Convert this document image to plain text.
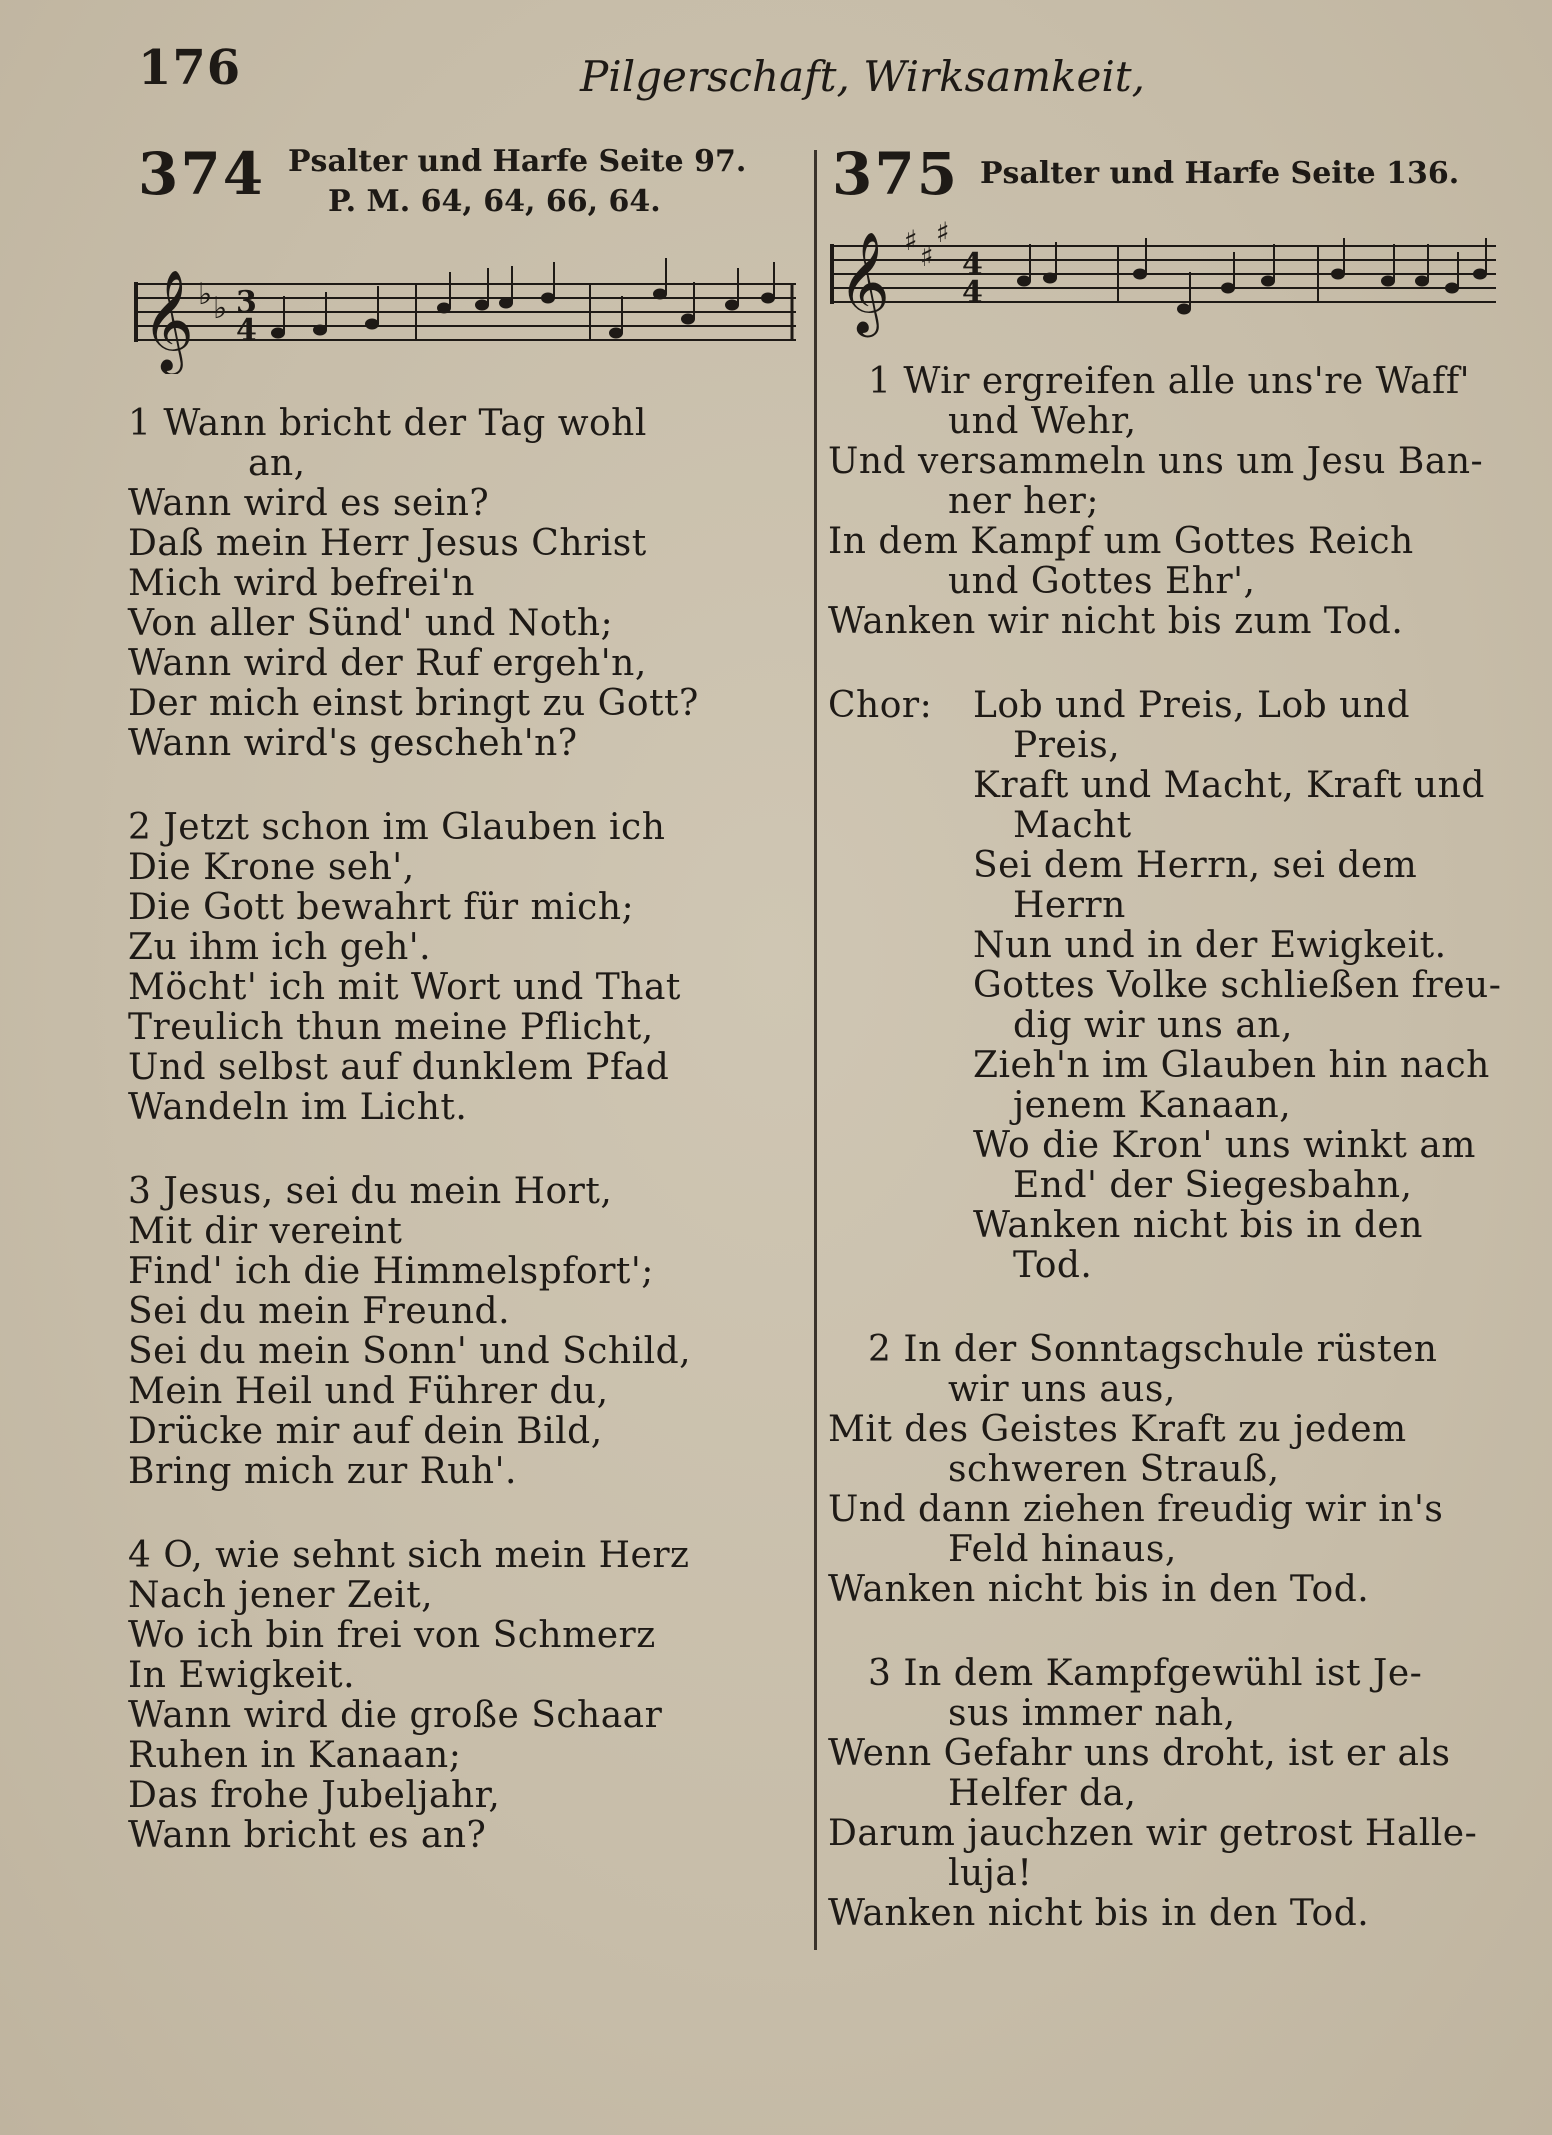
176	Pilgerschaft, Wirksamkeit,
374 Psalter und Harfe Seite 97.
P. M. 64, 64, 66, 64.
𝄞 ♭ ♭ 3
4
1 Wann bricht der Tag wohl
an,
Wann wird es sein?
Daß mein Herr Jesus Christ
Mich wird befrei'n
Von aller Sünd' und Noth;
Wann wird der Ruf ergeh'n,
Der mich einst bringt zu Gott?
Wann wird's gescheh'n?
2 Jetzt schon im Glauben ich
Die Krone seh',
Die Gott bewahrt für mich;
Zu ihm ich geh'.
Möcht' ich mit Wort und That
Treulich thun meine Pflicht,
Und selbst auf dunklem Pfad
Wandeln im Licht.
3 Jesus, sei du mein Hort,
Mit dir vereint
Find' ich die Himmelspfort';
Sei du mein Freund.
Sei du mein Sonn' und Schild,
Mein Heil und Führer du,
Drücke mir auf dein Bild,
Bring mich zur Ruh'.
4 O, wie sehnt sich mein Herz
Nach jener Zeit,
Wo ich bin frei von Schmerz
In Ewigkeit.
Wann wird die große Schaar
Ruhen in Kanaan;
Das frohe Jubeljahr,
Wann bricht es an?
375 Psalter und Harfe Seite 136.
𝄞 ♯ ♯
♯
4
4
1 Wir ergreifen alle uns're Waff'
und Wehr,
Und versammeln uns um Jesu Ban-
ner her;
In dem Kampf um Gottes Reich
und Gottes Ehr',
Wanken wir nicht bis zum Tod.
Chor:	Lob und Preis, Lob und
Preis,
Kraft und Macht, Kraft und
Macht
Sei dem Herrn, sei dem
Herrn
Nun und in der Ewigkeit.
Gottes Volke schließen freu-
dig wir uns an,
Zieh'n im Glauben hin nach
jenem Kanaan,
Wo die Kron' uns winkt am
End' der Siegesbahn,
Wanken nicht bis in den
Tod.
2 In der Sonntagschule rüsten
wir uns aus,
Mit des Geistes Kraft zu jedem
schweren Strauß,
Und dann ziehen freudig wir in's
Feld hinaus,
Wanken nicht bis in den Tod.
3 In dem Kampfgewühl ist Je-
sus immer nah,
Wenn Gefahr uns droht, ist er als
Helfer da,
Darum jauchzen wir getrost Halle-
luja!
Wanken nicht bis in den Tod.
